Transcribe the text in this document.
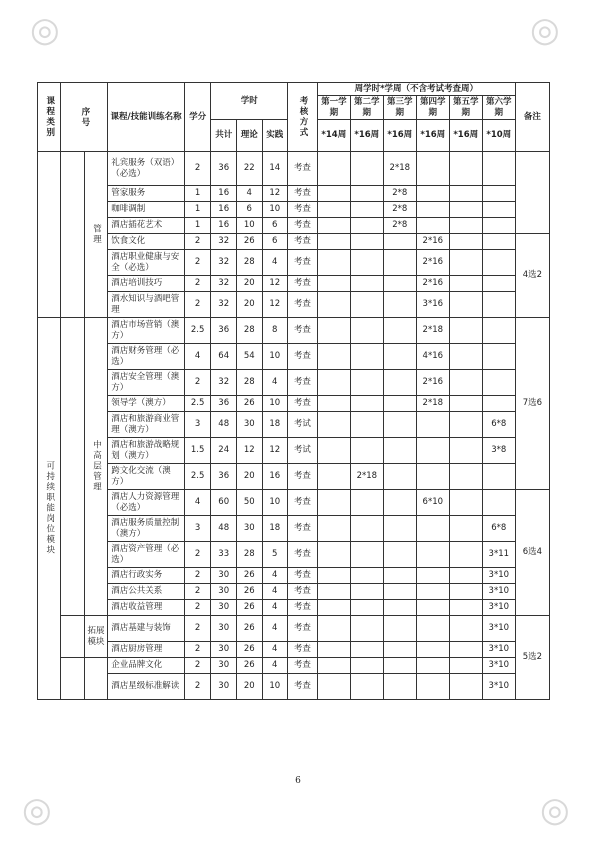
◎	◎
◎	◎
课程类别	序号		课程/技能训练名称	学分	学时			考核方式	周学时*学周（不含考试考查周）						备注
									第一学期	第二学期	第三学期	第四学期	第五学期	第六学期	
					共计	理论	实践		*14周	*16周	*16周	*16周	*16周	*10周	
		管理	礼宾服务（双语）（必选）	2	36	22	14	考查			2*18				
			管家服务	1	16	4	12	考查			2*8				
			咖啡调制	1	16	6	10	考查			2*8				
			酒店插花艺术	1	16	10	6	考查			2*8				
			饮食文化	2	32	26	6	考查				2*16			4选2
			酒店职业健康与安全（必选）	2	32	28	4	考查				2*16			
			酒店培训技巧	2	32	20	12	考查				2*16			
			酒水知识与酒吧管理	2	32	20	12	考查				3*16			
可持续职能岗位模块		中高层管理	酒店市场营销（澳方）	2.5	36	28	8	考查				2*18			7选6
			酒店财务管理（必选）	4	64	54	10	考查				4*16			
			酒店安全管理（澳方）	2	32	28	4	考查				2*16			
			领导学（澳方）	2.5	36	26	10	考查				2*18			
			酒店和旅游商业管理（澳方）	3	48	30	18	考试						6*8	
			酒店和旅游战略规划（澳方）	1.5	24	12	12	考试						3*8	
			跨文化交流（澳方）	2.5	36	20	16	考查		2*18					
			酒店人力资源管理（必选）	4	60	50	10	考查				6*10			6选4
			酒店服务质量控制（澳方）	3	48	30	18	考查						6*8	
			酒店资产管理（必选）	2	33	28	5	考查						3*11	
			酒店行政实务	2	30	26	4	考查						3*10	
			酒店公共关系	2	30	26	4	考查						3*10	
			酒店收益管理	2	30	26	4	考查						3*10	
		拓展模块	酒店基建与装饰	2	30	26	4	考查						3*10	5选2
			酒店厨房管理	2	30	26	4	考查						3*10	
			企业品牌文化	2	30	26	4	考查						3*10	
			酒店星级标准解读	2	30	20	10	考查						3*10	
6
